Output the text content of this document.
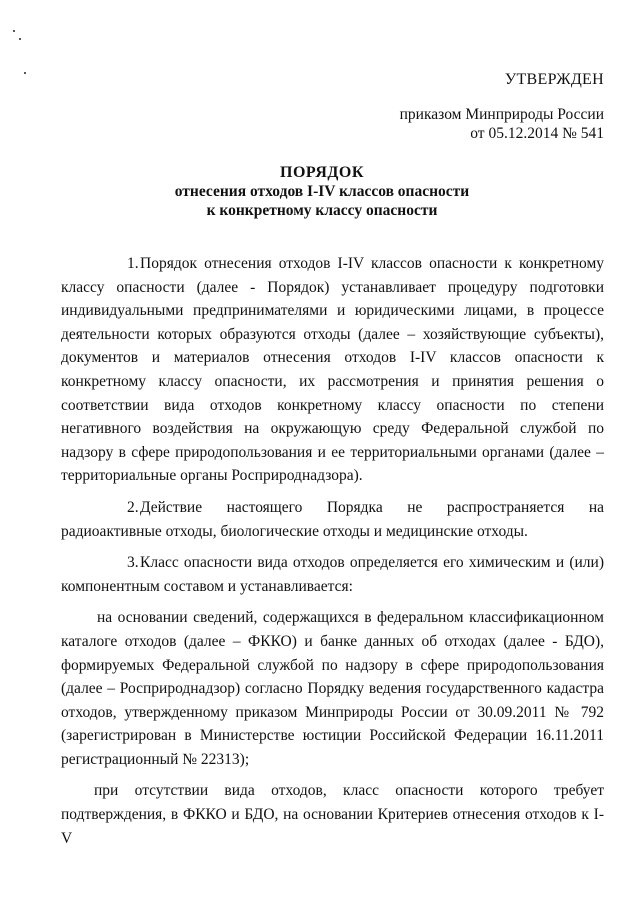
УТВЕРЖДЕН
приказом Минприроды России
от 05.12.2014 № 541
ПОРЯДОК
отнесения отходов I-IV классов опасности
к конкретному классу опасности

1.Порядок отнесения отходов I-IV классов опасности к конкретному классу опасности (далее - Порядок) устанавливает процедуру подготовки индивидуальными предпринимателями и юридическими лицами, в процессе деятельности которых образуются отходы (далее – хозяйствующие субъекты), документов и материалов отнесения отходов I-IV классов опасности к конкретному классу опасности, их рассмотрения и принятия решения о соответствии вида отходов конкретному классу опасности по степени негативного воздействия на окружающую среду Федеральной службой по надзору в сфере природопользования и ее территориальными органами (далее – территориальные органы Росприроднадзора).

2.Действие настоящего Порядка не распространяется на радиоактивные отходы, биологические отходы и медицинские отходы.

3.Класс опасности вида отходов определяется его химическим и (или) компонентным составом и устанавливается:

на основании сведений, содержащихся в федеральном классификационном каталоге отходов (далее – ФККО) и банке данных об отходах (далее - БДО), формируемых Федеральной службой по надзору в сфере природопользования (далее – Росприроднадзор) согласно Порядку ведения государственного кадастра отходов, утвержденному приказом Минприроды России от 30.09.2011 № 792 (зарегистрирован в Министерстве юстиции Российской Федерации 16.11.2011 регистрационный № 22313);

при отсутствии вида отходов, класс опасности которого требует подтверждения, в ФККО и БДО, на основании Критериев отнесения отходов к I-V
